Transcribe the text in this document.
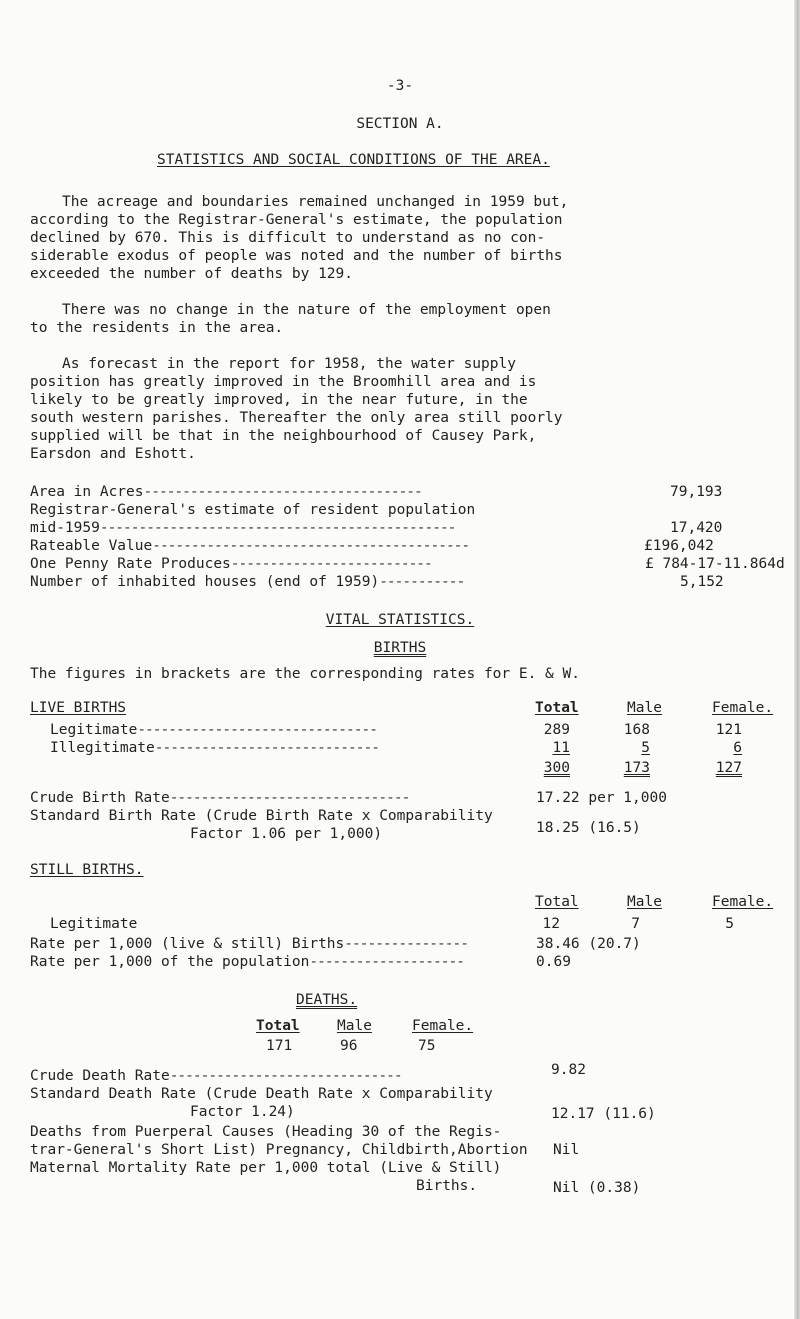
-3-
SECTION A.
STATISTICS AND SOCIAL CONDITIONS OF THE AREA.
The acreage and boundaries remained unchanged in 1959 but,
according to the Registrar-General's estimate, the population
declined by 670. This is difficult to understand as no con-
siderable exodus of people was noted and the number of births
exceeded the number of deaths by 129.
There was no change in the nature of the employment open
to the residents in the area.
As forecast in the report for 1958, the water supply
position has greatly improved in the Broomhill area and is
likely to be greatly improved, in the near future, in the
south western parishes. Thereafter the only area still poorly
supplied will be that in the neighbourhood of Causey Park,
Earsdon and Eshott.
Area in Acres------------------------------------	79,193
Registrar-General's estimate of resident population
mid-1959----------------------------------------------	17,420
Rateable Value-----------------------------------------	£196,042
One Penny Rate Produces--------------------------	£ 784-17-11.864d
Number of inhabited houses (end of 1959)-----------	5,152
VITAL STATISTICS.
BIRTHS
The figures in brackets are the corresponding rates for E. & W.
LIVE BIRTHS	Total	Male	Female.
Legitimate-------------------------------	289	168	121
Illegitimate-----------------------------	11	5	6
300	173	127
Crude Birth Rate-------------------------------	17.22 per 1,000
Standard Birth Rate (Crude Birth Rate x Comparability
Factor 1.06 per 1,000)	18.25 (16.5)
STILL BIRTHS.
Total	Male	Female.
Legitimate	12	7	5
Rate per 1,000 (live & still) Births----------------	38.46 (20.7)
Rate per 1,000 of the population--------------------	0.69
DEATHS.
Total	Male	Female.
171	96	75
Crude Death Rate------------------------------	9.82
Standard Death Rate (Crude Death Rate x Comparability
Factor 1.24)	12.17 (11.6)
Deaths from Puerperal Causes (Heading 30 of the Regis-
trar-General's Short List) Pregnancy, Childbirth,Abortion Nil
Maternal Mortality Rate per 1,000 total (Live & Still)
Births.	Nil (0.38)
